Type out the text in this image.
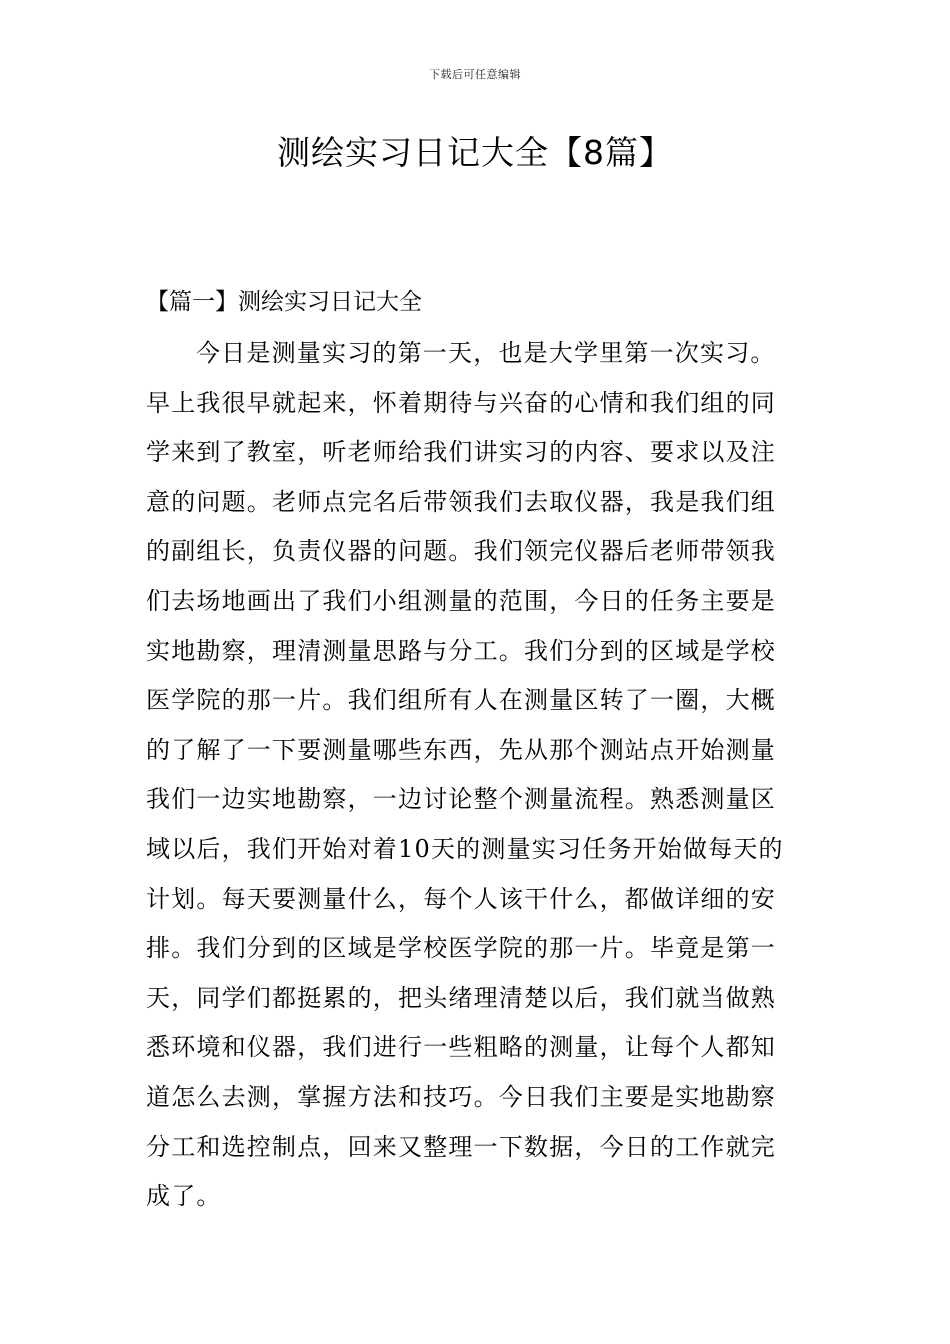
下载后可任意编辑
测绘实习日记大全【8篇】
【篇一】测绘实习日记大全
今日是测量实习的第一天，也是大学里第一次实习。
早上我很早就起来，怀着期待与兴奋的心情和我们组的同
学来到了教室，听老师给我们讲实习的内容、要求以及注
意的问题。老师点完名后带领我们去取仪器，我是我们组
的副组长，负责仪器的问题。我们领完仪器后老师带领我
们去场地画出了我们小组测量的范围，今日的任务主要是
实地勘察，理清测量思路与分工。我们分到的区域是学校
医学院的那一片。我们组所有人在测量区转了一圈，大概
的了解了一下要测量哪些东西，先从那个测站点开始测量
我们一边实地勘察，一边讨论整个测量流程。熟悉测量区
域以后，我们开始对着10天的测量实习任务开始做每天的
计划。每天要测量什么，每个人该干什么，都做详细的安
排。我们分到的区域是学校医学院的那一片。毕竟是第一
天，同学们都挺累的，把头绪理清楚以后，我们就当做熟
悉环境和仪器，我们进行一些粗略的测量，让每个人都知
道怎么去测，掌握方法和技巧。今日我们主要是实地勘察
分工和选控制点，回来又整理一下数据，今日的工作就完
成了。
